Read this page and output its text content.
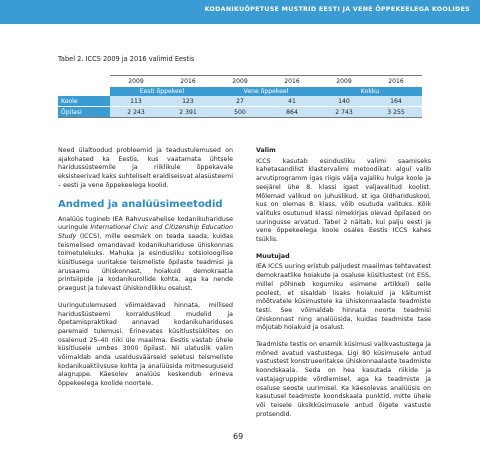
KODANIKUÕPETUSE MUSTRID EESTI JA VENE ÕPPEKEELEGA KOOLIDES
Tabel 2. ICCS 2009 ja 2016 valimid Eestis
	2009	2016	2009	2016	2009	2016
	Eesti õppekeel		Vene õppekeel		Kokku	
Koole	113	123	27	41	140	164

Õpilasi	2 243	2 391	500	864	2 743	3 255

Need ülaltoodud probleemid ja teadustulemused on ajakohased ka Eestis, kus vaatamata ühtsele haridussüsteemile ja riiklikule õppekavale eksisteerivad kaks suhteliselt eraldiseisvat alasüsteemi – eesti ja vene õppekeelega koolid.

Andmed ja analüüsimeetodid

Analüüs tugineb IEA Rahvusvahelise kodanikuhariduse uuringule International Civic and Citizenship Education Study (ICCS), mille eesmärk on teada saada, kuidas teismelised omandavad kodanikuhariduse ühiskonnas toimetulekuks. Mahuka ja esindusliku sotsioloogilise küsitlusega uuritakse teismeliste õpilaste teadmisi ja arusaamu ühiskonnast, hoiakuid demokraatia printsiipide ja kodanikurollide kohta, aga ka nende praegust ja tulevast ühiskondlikku osalust.

Uuringutulemused võimaldavad hinnata, millised hariduss̃üsteemi korralduslikud mudelid ja õpetamispraktikad annavad kodanikuhariduses paremaid tulemusi. Erinevates küsitlustsüklites on osalenud 25–40 riiki üle maailma. Eestis vastab ühele küsitlusele umbes 3000 õpilast. Nii ulatuslik valim võimaldab anda usaldusväärseid seletusi teismeliste kodanikuaktiivsuse kohta ja analüüsida mitmesuguseid alagruppe. Käesolev analüüs keskendub erineva õppekeelega koolide noortele.

Valim

ICCS kasutab esindusliku valimi saamiseks kahetasandilist klastervalimi metoodikat: algul valib arvutiprogramm igas riigis välja vajaliku hulga koole ja seejärel ühe 8. klassi igast valjavalitud koolist. Mõlemad valikud on juhuslikud, st iga üldhariduskool, kus on olemas 8. klass, võib osutuda valituks. Kõik valituks osutunud klassi nimekirjas olevad õpilased on uuringusse arvatud. Tabel 2 näitab, kui palju eesti ja vene õppekeelega koole osales Eestis ICCS kahes tsüklis.

Muutujad

IEA ICCS uuring eristub paljudest maailmas tehtavatest demokraatlike hoiakute ja osaluse küsitlustest (nt ESS, millel põhineb kogumiku esimene artikkel) selle poolest, et sisaldab lisaks hoiakuid ja käitumist mõõtvatele küsimustele ka ühiskonnaalaste teadmiste testi. See võimaldab hinnata noorte teadmisi ühiskonnast ning analüüsida, kuidas teadmiste tase mõjutab hoiakuid ja osalust.

Teadmiste testis on enamik küsimusi valikvastustega ja mõned avatud vastustega. Ligi 80 küsimusele antud vastustest konstrueeritakse ühiskonnaalaste teadmiste koondskaala. Seda on hea kasutada riikide ja vastajagruppide võrdlemisel, aga ka teadmiste ja osaluse seoste uurimisel. Ka käesolevas analüüsis on kasutusel teadmiste koondskaala punktid, mitte ühele või teisele üksikküsimusele antud õigete vastuste protsendid.

69
